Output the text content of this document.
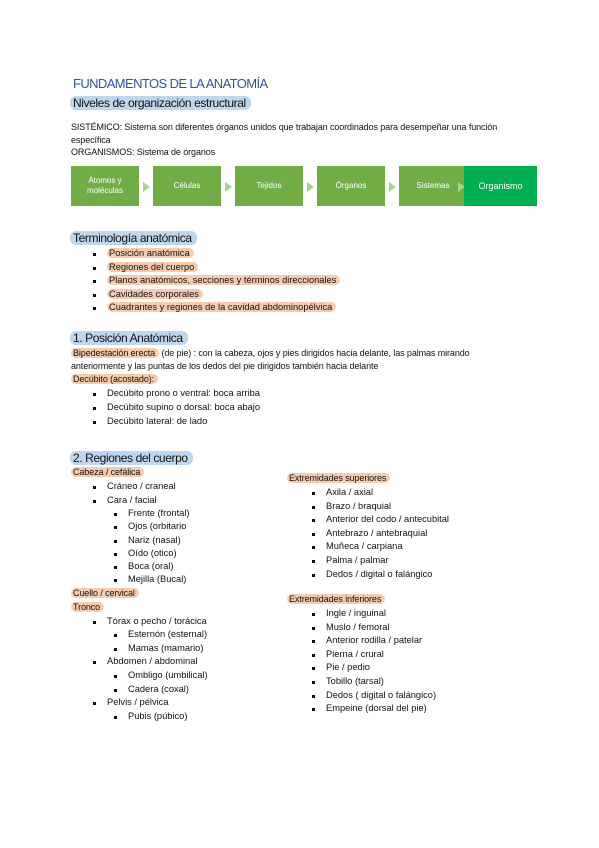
FUNDAMENTOS DE LA ANATOMÍA
Niveles de organización estructural
SISTÉMICO: Sistema son diferentes órganos unidos que trabajan coordinados para desempeñar una función
específica
ORGANISMOS: Sistema de órganos
Átomos y moléculas
Células	Tejidos	Órganos	Sistemas	Organismo
Terminología anatómica
Posición anatómica
Regiones del cuerpo
Planos anatómicos, secciones y términos direccionales
Cavidades corporales
Cuadrantes y regiones de la cavidad abdominopélvica
1. Posición Anatómica
Bipedestación erecta (de pie) : con la cabeza, ojos y pies dirigidos hacia delante, las palmas mirando
anteriormente y las puntas de los dedos del pie dirigidos también hacia delante
Decúbito (acostado):
Decúbito prono o ventral: boca arriba
Decúbito supino o dorsal: boca abajo
Decúbito lateral: de lado
2. Regiones del cuerpo
Cabeza / cefálica
Cráneo / craneal
Cara / facial
Frente (frontal)
Ojos (orbitario
Nariz (nasal)
Oído (otico)
Boca (oral)
Mejilla (Bucal)
Cuello / cervical
Tronco
Tórax o pecho / torácica
Esternón (esternal)
Mamas (mamario)
Abdomen / abdominal
Ombligo (umbilical)
Cadera (coxal)
Pelvis / pélvica
Pubis (púbico)
Extremidades superiores
Axila / axial
Brazo / braquial
Anterior del codo / antecubital
Antebrazo / antebraquial
Muñeca / carpiana
Palma / palmar
Dedos / digital o falángico
Extremidades inferiores
Ingle / inguinal
Muslo / femoral
Anterior rodilla / patelar
Pierna / crural
Pie / pedio
Tobillo (tarsal)
Dedos ( digital o falángico)
Empeine (dorsal del pie)
